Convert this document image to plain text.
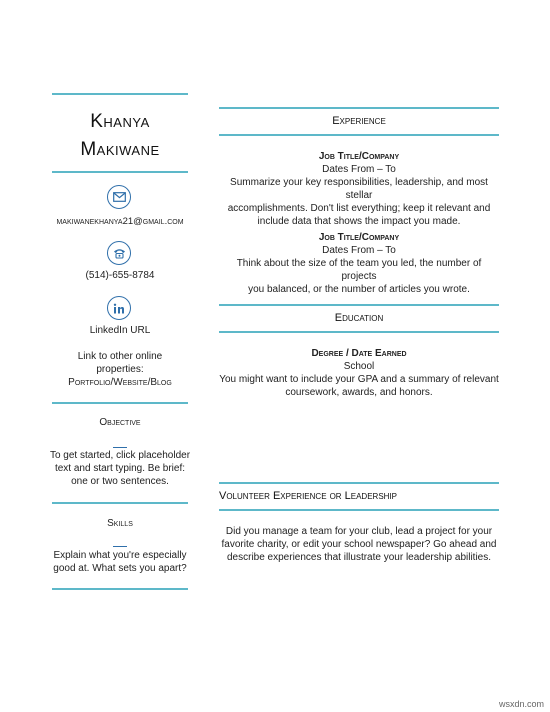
Khanya
Makiwane
makiwanekhanya21@gmail.com
(514)-655-8784
LinkedIn URL
Link to other online
properties:
Portfolio/Website/Blog
Objective
To get started, click placeholder
text and start typing. Be brief:
one or two sentences.
Skills
Explain what you're especially
good at. What sets you apart?
Experience
Job Title/Company
Dates From – To
Summarize your key responsibilities, leadership, and most stellar
accomplishments. Don't list everything; keep it relevant and
include data that shows the impact you made.
Job Title/Company
Dates From – To
Think about the size of the team you led, the number of projects
you balanced, or the number of articles you wrote.
Education
Degree / Date Earned
School
You might want to include your GPA and a summary of relevant
coursework, awards, and honors.
Volunteer Experience or Leadership
Did you manage a team for your club, lead a project for your
favorite charity, or edit your school newspaper? Go ahead and
describe experiences that illustrate your leadership abilities.
wsxdn.com
